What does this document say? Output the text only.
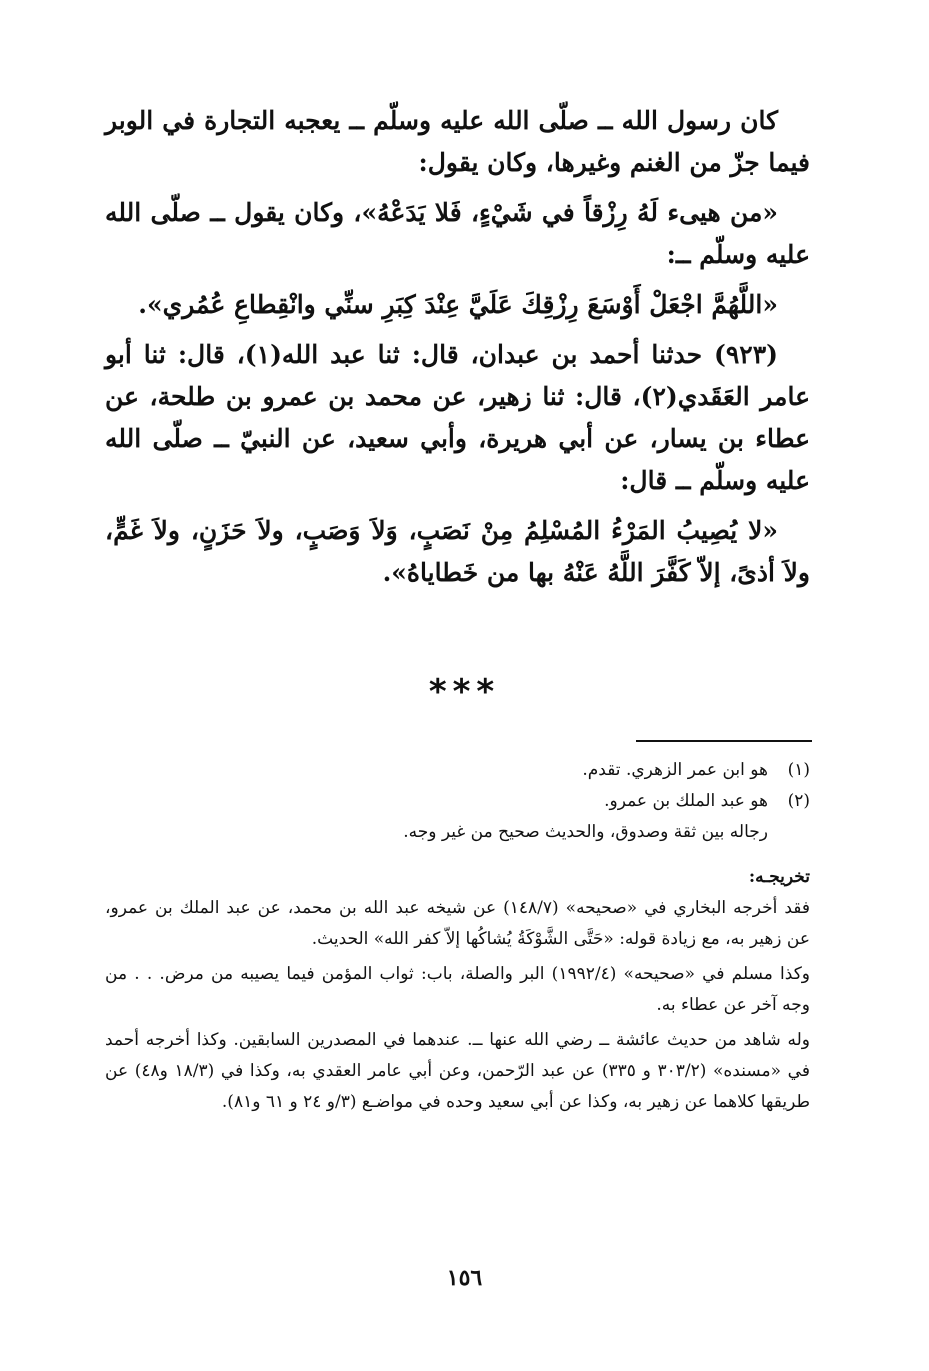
كان رسول الله ــ صلّى الله عليه وسلّم ــ يعجبه التجارة في الوبر فيما جزّ من الغنم وغيرها، وكان يقول:

«من هيىء لَهُ رِزْقاً في شَيْءٍ، فَلا يَدَعْهُ»، وكان يقول ــ صلّى الله عليه وسلّم ــ:

«اللَّهُمَّ اجْعَلْ أَوْسَعَ رِزْقِكَ عَلَيَّ عِنْدَ كِبَرِ سنِّي وانْقِطاعِ عُمُري».

(٩٢٣) حدثنا أحمد بن عبدان، قال: ثنا عبد الله(١)، قال: ثنا أبو عامر العَقَدي(٢)، قال: ثنا زهير، عن محمد بن عمرو بن طلحة، عن عطاء بن يسار، عن أبي هريرة، وأبي سعيد، عن النبيّ ــ صلّى الله عليه وسلّم ــ قال:

«لا يُصِيبُ المَرْءُ المُسْلِمُ مِنْ نَصَبٍ، وَلاَ وَصَبٍ، ولاَ حَزَنٍ، ولاَ غَمٍّ، ولاَ أذىً، إلاّ كَفَّرَ اللَّهُ عَنْهُ بها من خَطاياهُ».

***
(١)
هو ابن عمر الزهري. تقدم.
(٢)
هو عبد الملك بن عمرو.
رجاله بين ثقة وصدوق، والحديث صحيح من غير وجه.

تخريجـه:

فقد أخرجه البخاري في «صحيحه» (١٤٨/٧) عن شيخه عبد الله بن محمد، عن عبد الملك بن عمرو، عن زهير به، مع زيادة قوله: «حَتَّى الشَّوْكَةُ يُشاكُها إلاّ كفر الله» الحديث.

وكذا مسلم في «صحيحه» (١٩٩٢/٤) البر والصلة، باب: ثواب المؤمن فيما يصيبه من مرض. . . من وجه آخر عن عطاء به.

وله شاهد من حديث عائشة ــ رضي الله عنها ــ. عندهما في المصدرين السابقين. وكذا أخرجه أحمد في «مسنده» (٣٠٣/٢ و ٣٣٥) عن عبد الرّحمن، وعن أبي عامر العقدي به، وكذا في (١٨/٣ و٤٨) عن طريقها كلاهما عن زهير به، وكذا عن أبي سعيد وحده في مواضـع (٣/و ٢٤ و ٦١ و٨١).

١٥٦
